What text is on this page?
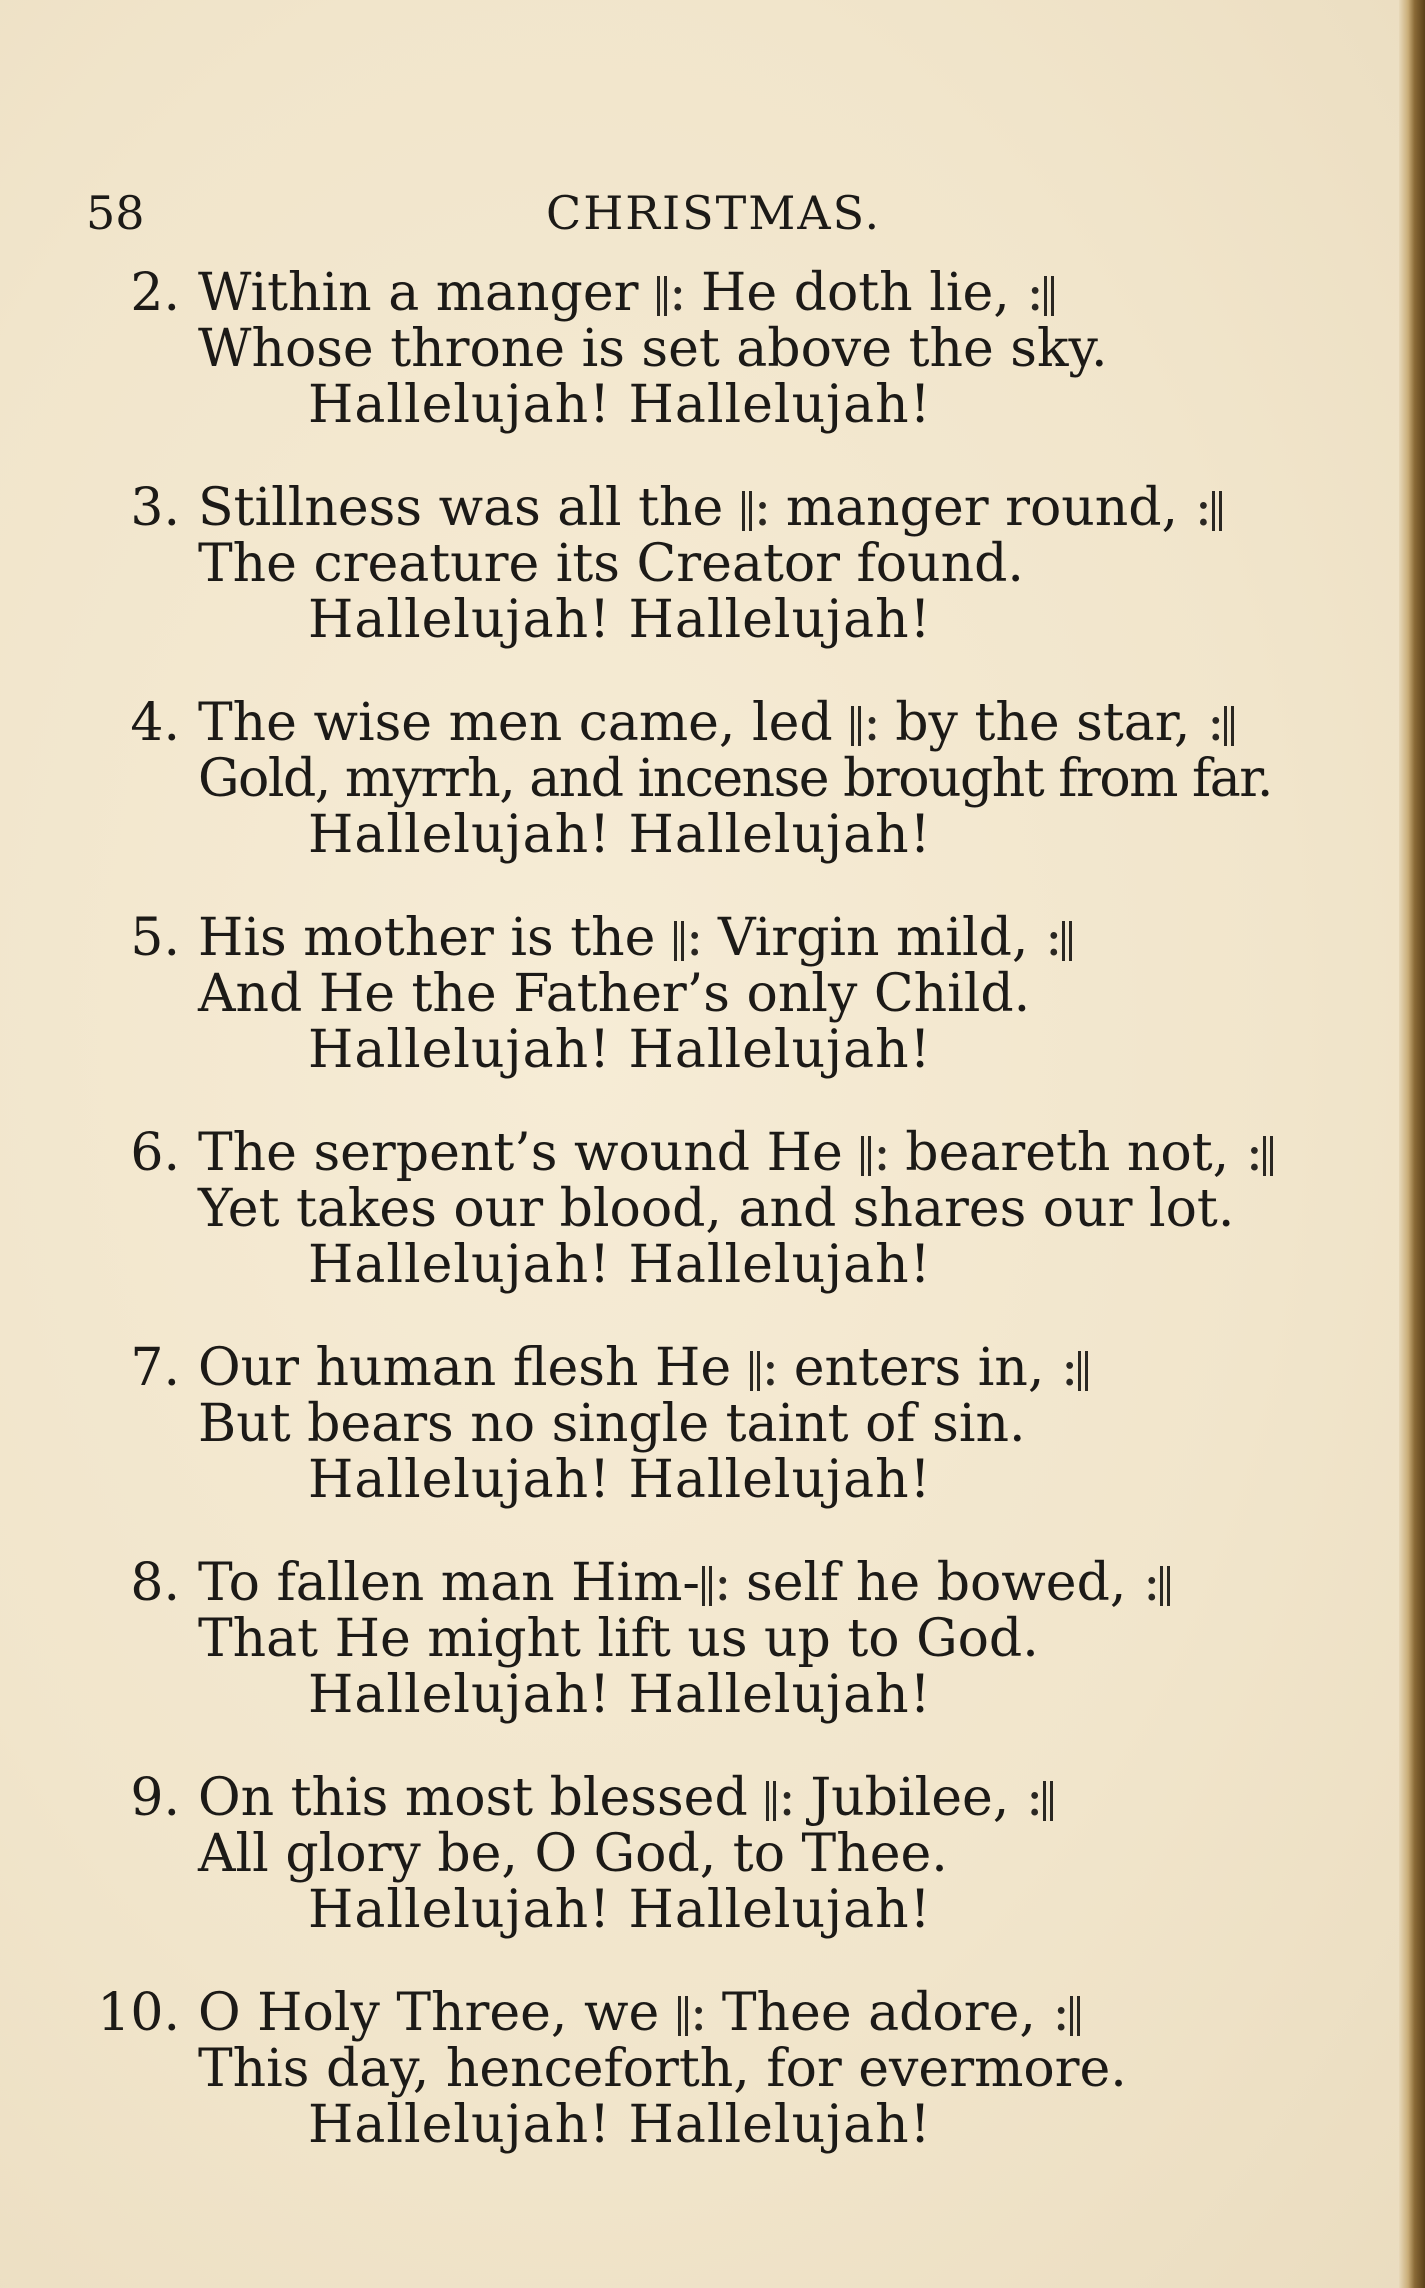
58	CHRISTMAS.
2. Within a manger : He doth lie, :
Whose throne is set above the sky.
Hallelujah! Hallelujah!
3. Stillness was all the : manger round, :
The creature its Creator found.
Hallelujah! Hallelujah!
4. The wise men came, led : by the star, :
Gold, myrrh, and incense brought from far.
Hallelujah! Hallelujah!
5. His mother is the : Virgin mild, :
And He the Father’s only Child.
Hallelujah! Hallelujah!
6. The serpent’s wound He : beareth not, :
Yet takes our blood, and shares our lot.
Hallelujah! Hallelujah!
7. Our human flesh He : enters in, :
But bears no single taint of sin.
Hallelujah! Hallelujah!
8. To fallen man Him- : self he bowed, :
That He might lift us up to God.
Hallelujah! Hallelujah!
9. On this most blessed : Jubilee, :
All glory be, O God, to Thee.
Hallelujah! Hallelujah!
10. O Holy Three, we : Thee adore, :
This day, henceforth, for evermore.
Hallelujah! Hallelujah!
